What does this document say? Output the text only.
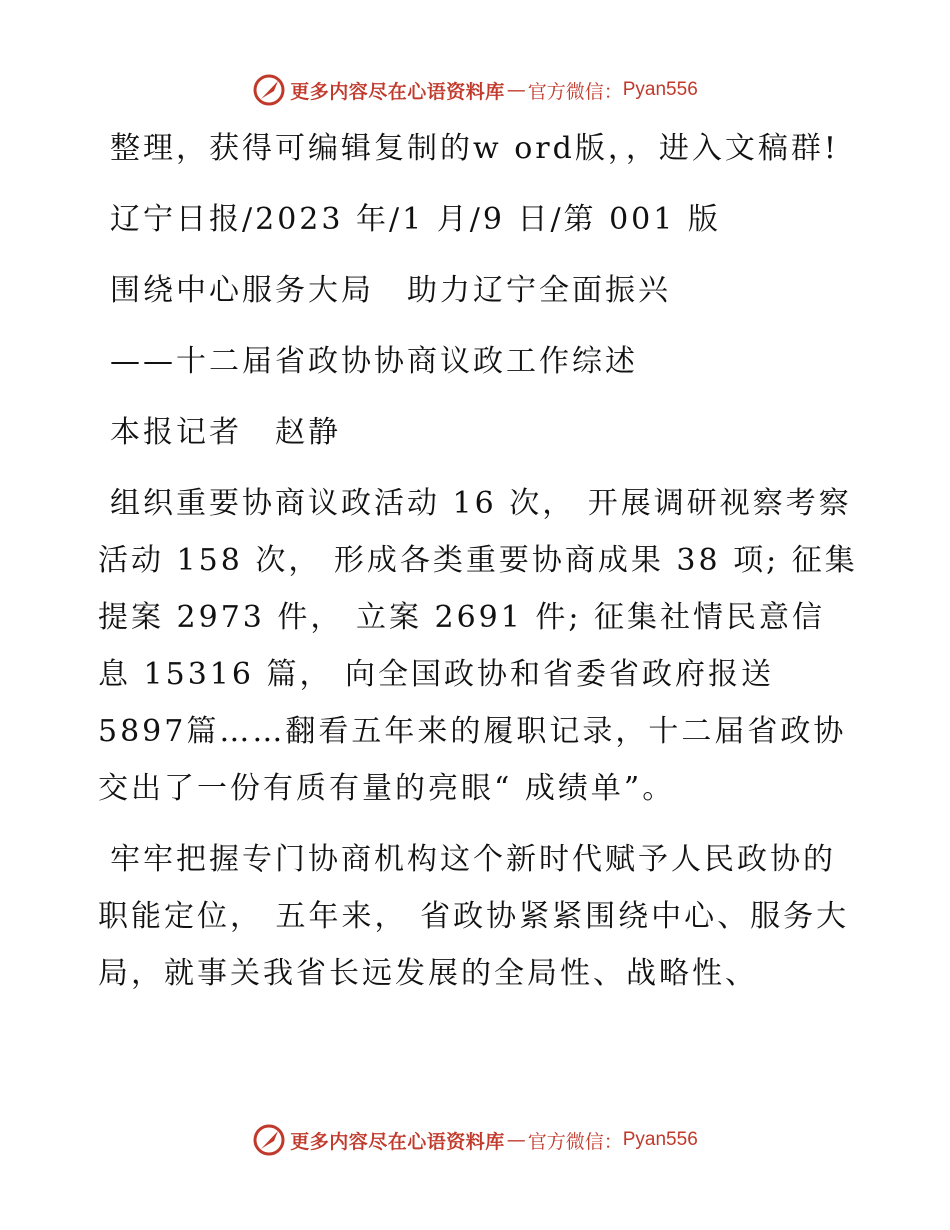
更多内容尽在心语资料库 — 官方微信： Pyan556

整理，获得可编辑复制的w ord版，，进入文稿群!

辽宁日报/2023 年/1 月/9 日/第 001 版

围绕中心服务大局　助力辽宁全面振兴

——十二届省政协协商议政工作综述

本报记者　赵静

组织重要协商议政活动 16 次， 开展调研视察考察活动 158 次， 形成各类重要协商成果 38 项; 征集提案 2973 件， 立案 2691 件; 征集社情民意信息 15316 篇， 向全国政协和省委省政府报送5897篇……翻看五年来的履职记录，十二届省政协交出了一份有质有量的亮眼“ 成绩单”。

牢牢把握专门协商机构这个新时代赋予人民政协的职能定位， 五年来， 省政协紧紧围绕中心、服务大局，就事关我省长远发展的全局性、战略性、

更多内容尽在心语资料库 — 官方微信： Pyan556
